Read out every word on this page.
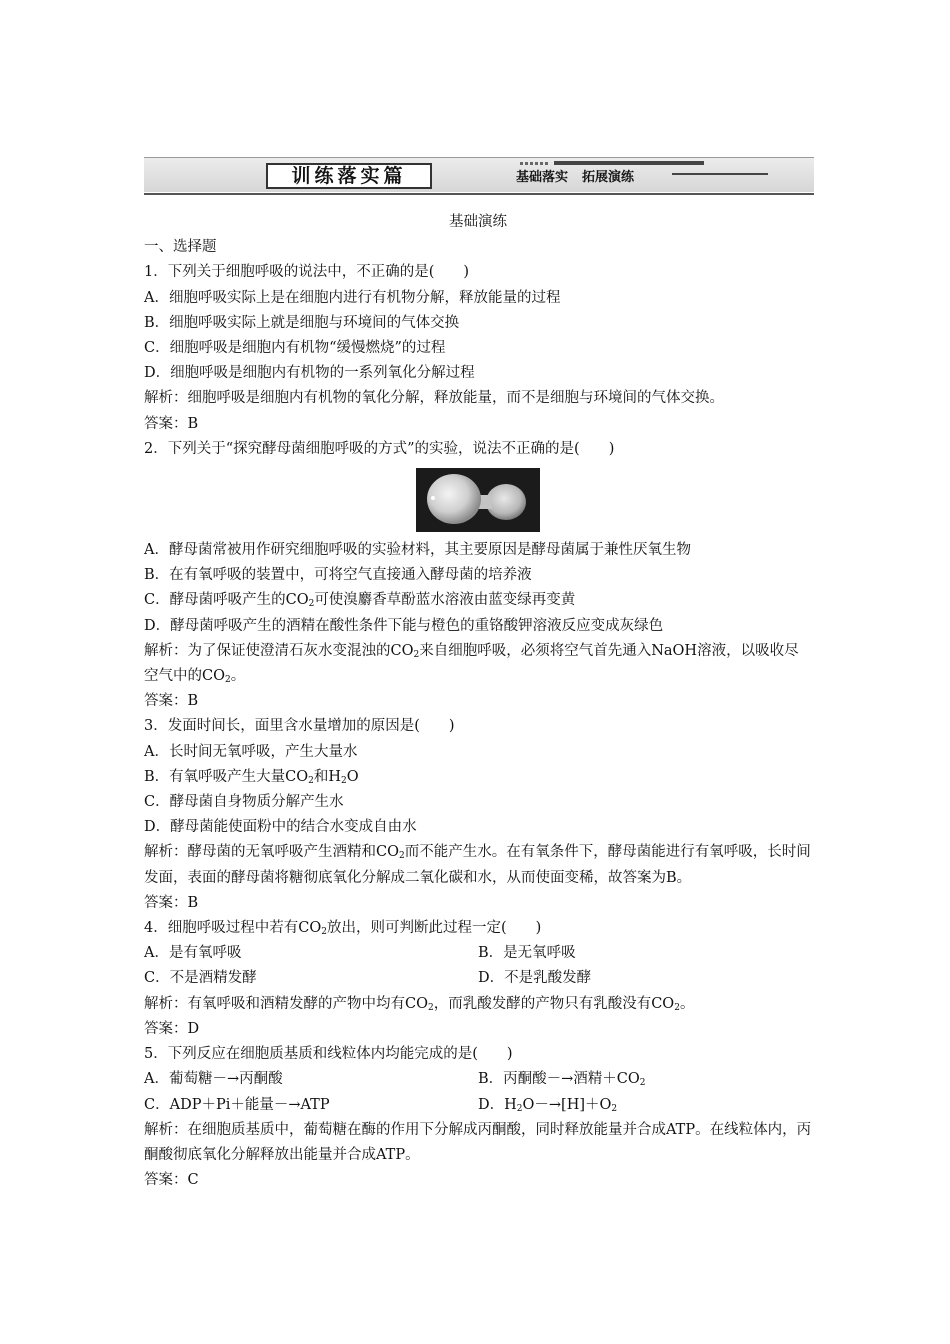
训练落实篇	基础落实 拓展演练
基础演练
一、选择题
1．下列关于细胞呼吸的说法中，不正确的是(　　)
A．细胞呼吸实际上是在细胞内进行有机物分解，释放能量的过程
B．细胞呼吸实际上就是细胞与环境间的气体交换
C．细胞呼吸是细胞内有机物“缓慢燃烧”的过程
D．细胞呼吸是细胞内有机物的一系列氧化分解过程
解析：细胞呼吸是细胞内有机物的氧化分解，释放能量，而不是细胞与环境间的气体交换。
答案：B
2．下列关于“探究酵母菌细胞呼吸的方式”的实验，说法不正确的是(　　)
A．酵母菌常被用作研究细胞呼吸的实验材料，其主要原因是酵母菌属于兼性厌氧生物
B．在有氧呼吸的装置中，可将空气直接通入酵母菌的培养液
C．酵母菌呼吸产生的$CO_2$可使溴麝香草酚蓝水溶液由蓝变绿再变黄
D．酵母菌呼吸产生的酒精在酸性条件下能与橙色的重铬酸钾溶液反应变成灰绿色
解析：为了保证使澄清石灰水变混浊的$CO_2$来自细胞呼吸，必须将空气首先通入NaOH溶液，以吸收尽空气中的$CO_2$。
答案：B
3．发面时间长，面里含水量增加的原因是(　　)
A．长时间无氧呼吸，产生大量水
B．有氧呼吸产生大量$CO_2$和$H_2O$
C．酵母菌自身物质分解产生水
D．酵母菌能使面粉中的结合水变成自由水
解析：酵母菌的无氧呼吸产生酒精和$CO_2$而不能产生水。在有氧条件下，酵母菌能进行有氧呼吸，长时间发面，表面的酵母菌将糖彻底氧化分解成二氧化碳和水，从而使面变稀，故答案为B。
答案：B
4．细胞呼吸过程中若有$CO_2$放出，则可判断此过程一定(　　)
A．是有氧呼吸	B．是无氧呼吸
C．不是酒精发酵	D．不是乳酸发酵
解析：有氧呼吸和酒精发酵的产物中均有$CO_2$，而乳酸发酵的产物只有乳酸没有$CO_2$。
答案：D
5．下列反应在细胞质基质和线粒体内均能完成的是(　　)
A．葡萄糖－→丙酮酸	B．丙酮酸－→酒精$+CO_2$
C．ADP＋Pi＋能量－→ATP	D．$H_2O-\to[H]+O_2$
解析：在细胞质基质中，葡萄糖在酶的作用下分解成丙酮酸，同时释放能量并合成ATP。在线粒体内，丙酮酸彻底氧化分解释放出能量并合成ATP。
答案：C
